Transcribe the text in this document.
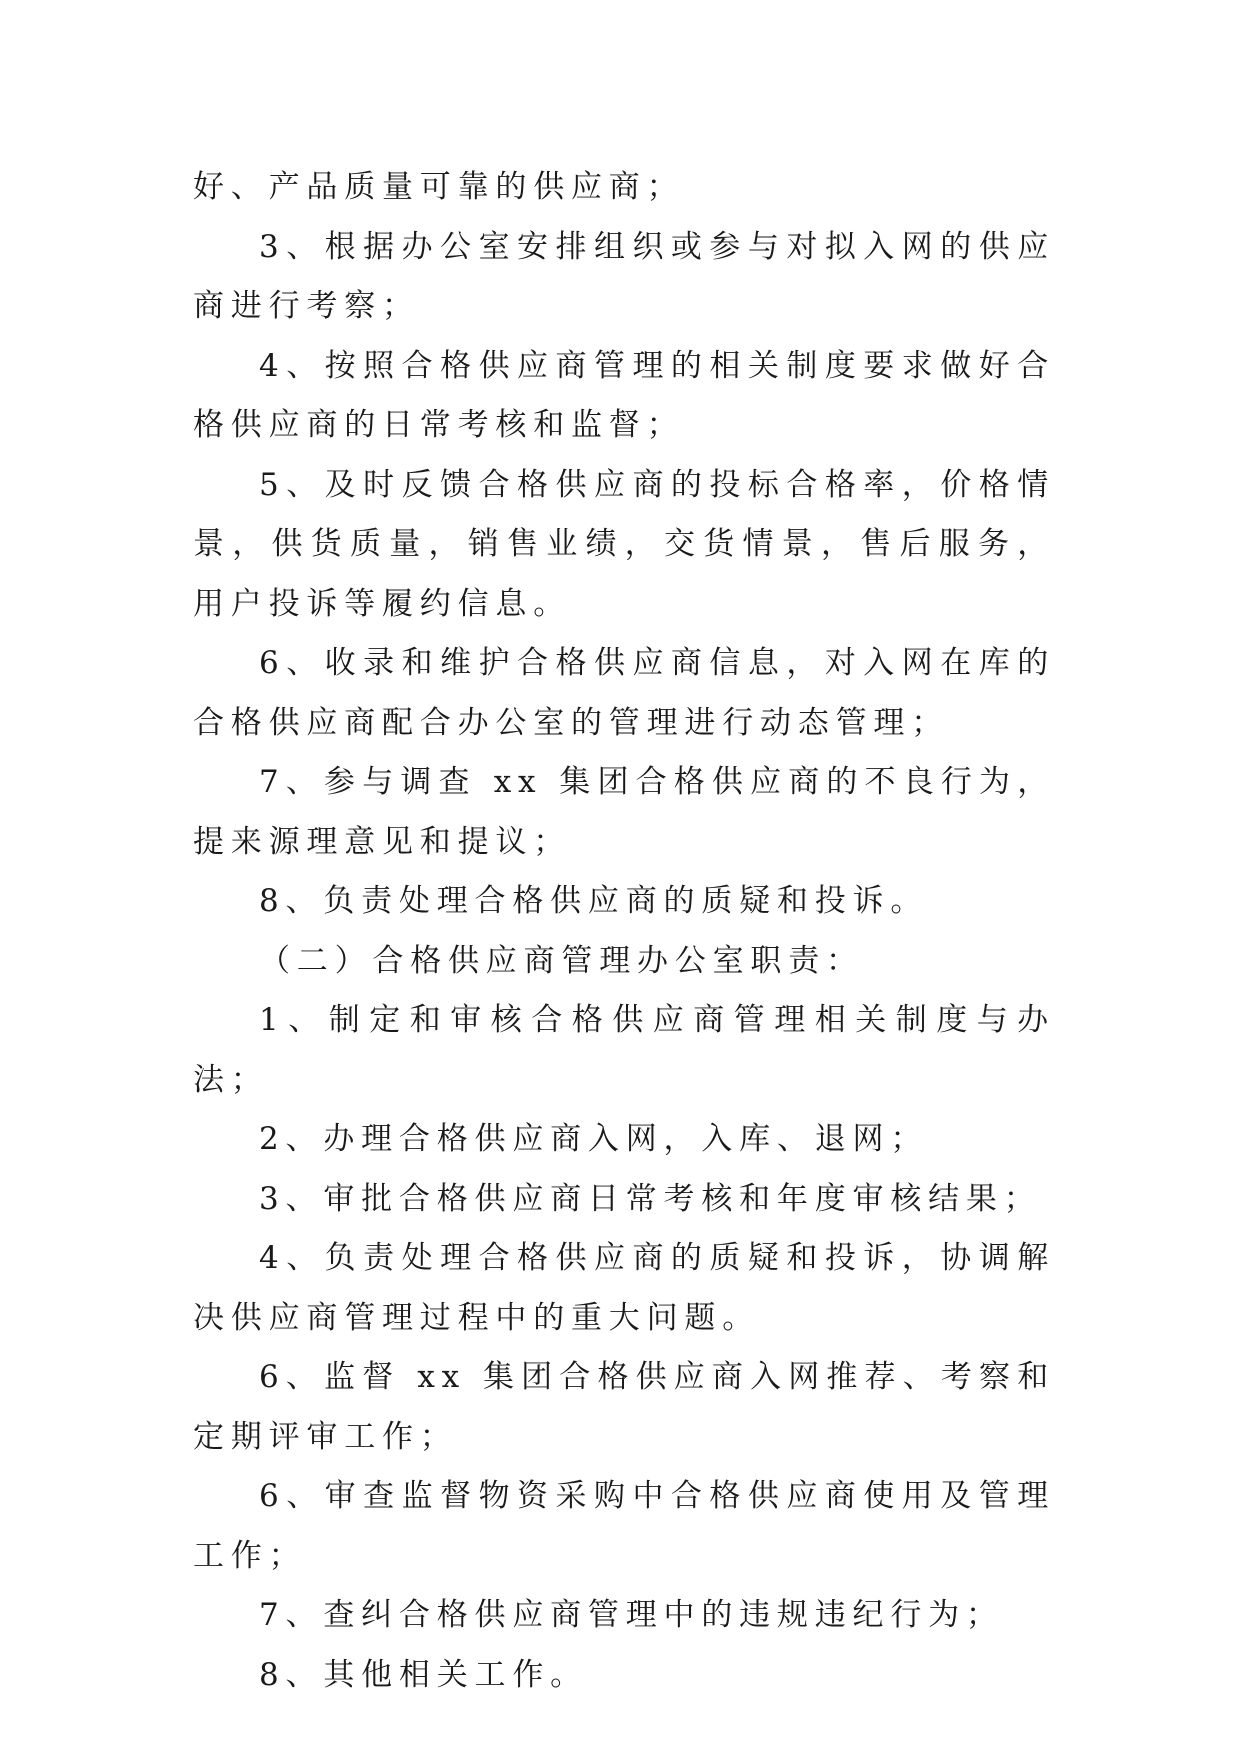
好、产品质量可靠的供应商；

3、根据办公室安排组织或参与对拟入网的供应商进行考察；

4、按照合格供应商管理的相关制度要求做好合格供应商的日常考核和监督；

5、及时反馈合格供应商的投标合格率，价格情景，供货质量，销售业绩，交货情景，售后服务，用户投诉等履约信息。

6、收录和维护合格供应商信息，对入网在库的合格供应商配合办公室的管理进行动态管理；

7、参与调查 xx 集团合格供应商的不良行为，提来源理意见和提议；

8、负责处理合格供应商的质疑和投诉。

（二）合格供应商管理办公室职责：

1、制定和审核合格供应商管理相关制度与办法；

2、办理合格供应商入网，入库、退网；

3、审批合格供应商日常考核和年度审核结果；

4、负责处理合格供应商的质疑和投诉，协调解决供应商管理过程中的重大问题。

6、监督 xx 集团合格供应商入网推荐、考察和定期评审工作；

6、审查监督物资采购中合格供应商使用及管理工作；

7、查纠合格供应商管理中的违规违纪行为；

8、其他相关工作。
